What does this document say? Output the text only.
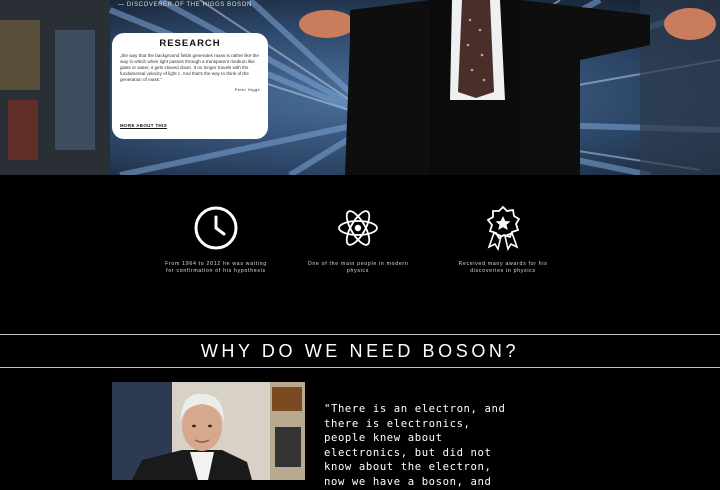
— DISCOVERER OF THE HIGGS BOSON
RESEARCH

„the way that the background fields generates mass is rather like the way in which when light passes through a transparent medium like glass or water, it gets slowed down. It no longer travels with the fundamental velocity of light c. And that's the way to think of the generation of mass."

Peter Higgs
MORE ABOUT THIS
From 1964 to 2012 he was waiting for confirmation of his hypothesis
One of the main people in modern physics
Received many awards for his discoveries in physics
WHY DO WE NEED BOSON?

"There is an electron, and there is electronics, people knew about electronics, but did not know about the electron, now we have a boson, and
